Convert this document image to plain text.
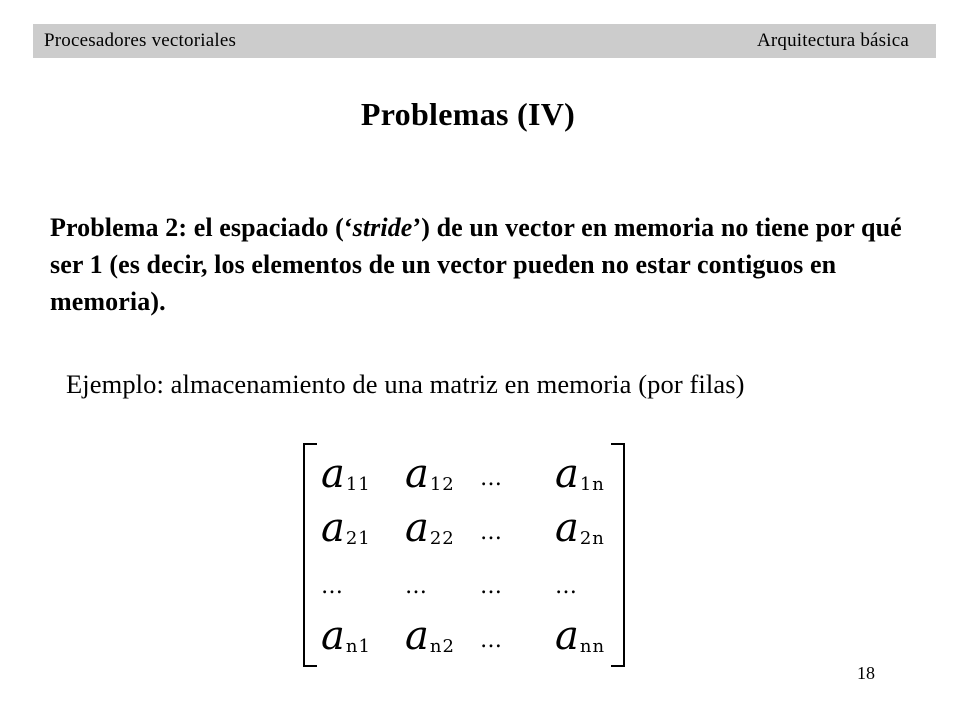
Procesadores vectoriales	Arquitectura básica
Problemas (IV)
Problema 2: el espaciado (‘stride’) de un vector en memoria no tiene por qué ser 1 (es decir, los elementos de un vector pueden no estar contiguos en memoria).
Ejemplo: almacenamiento de una matriz en memoria (por filas)
a 11 a 12 … a 1n
a 21 a 22 … a 2n
…	… … …
a n1 a n2 … a nn
18
